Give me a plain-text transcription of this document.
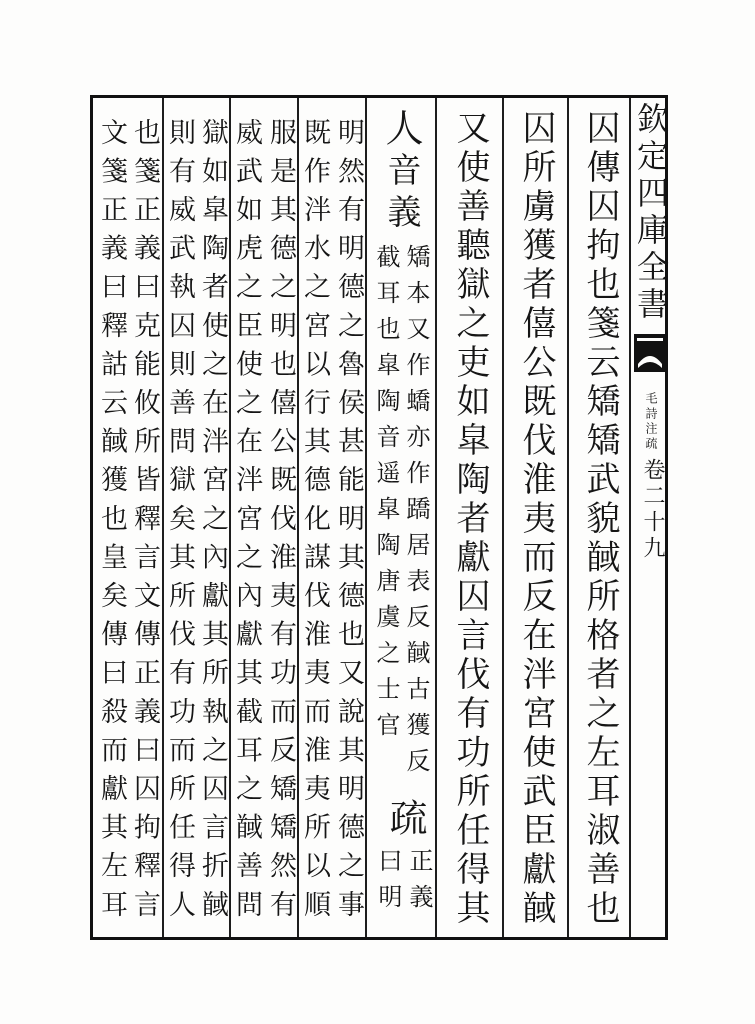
欽定四庫全書
毛詩注疏
卷二十九
囚傳囚拘也箋云矯矯武貌馘所格者之左耳淑善也
囚所虜獲者僖公既伐淮夷而反在泮宮使武臣獻馘
又使善聽獄之吏如皐陶者獻囚言伐有功所任得其
人
音義
矯本又作蟜亦作蹻居表反馘古獲反
截耳也皐陶音遥皐陶唐虞之士官
疏
正義
曰明
明然有明德之魯侯甚能明其德也又說其明德之事
既作泮水之宮以行其德化謀伐淮夷而淮夷所以順
服是其德之明也僖公既伐淮夷有功而反矯矯然有
威武如虎之臣使之在泮宮之內獻其截耳之馘善問
獄如皐陶者使之在泮宮之內獻其所執之囚言折馘
則有威武執囚則善問獄矣其所伐有功而所任得人
也箋正義曰克能攸所皆釋言文傳正義曰囚拘釋言
文箋正義曰釋詁云馘獲也皇矣傳曰殺而獻其左耳
